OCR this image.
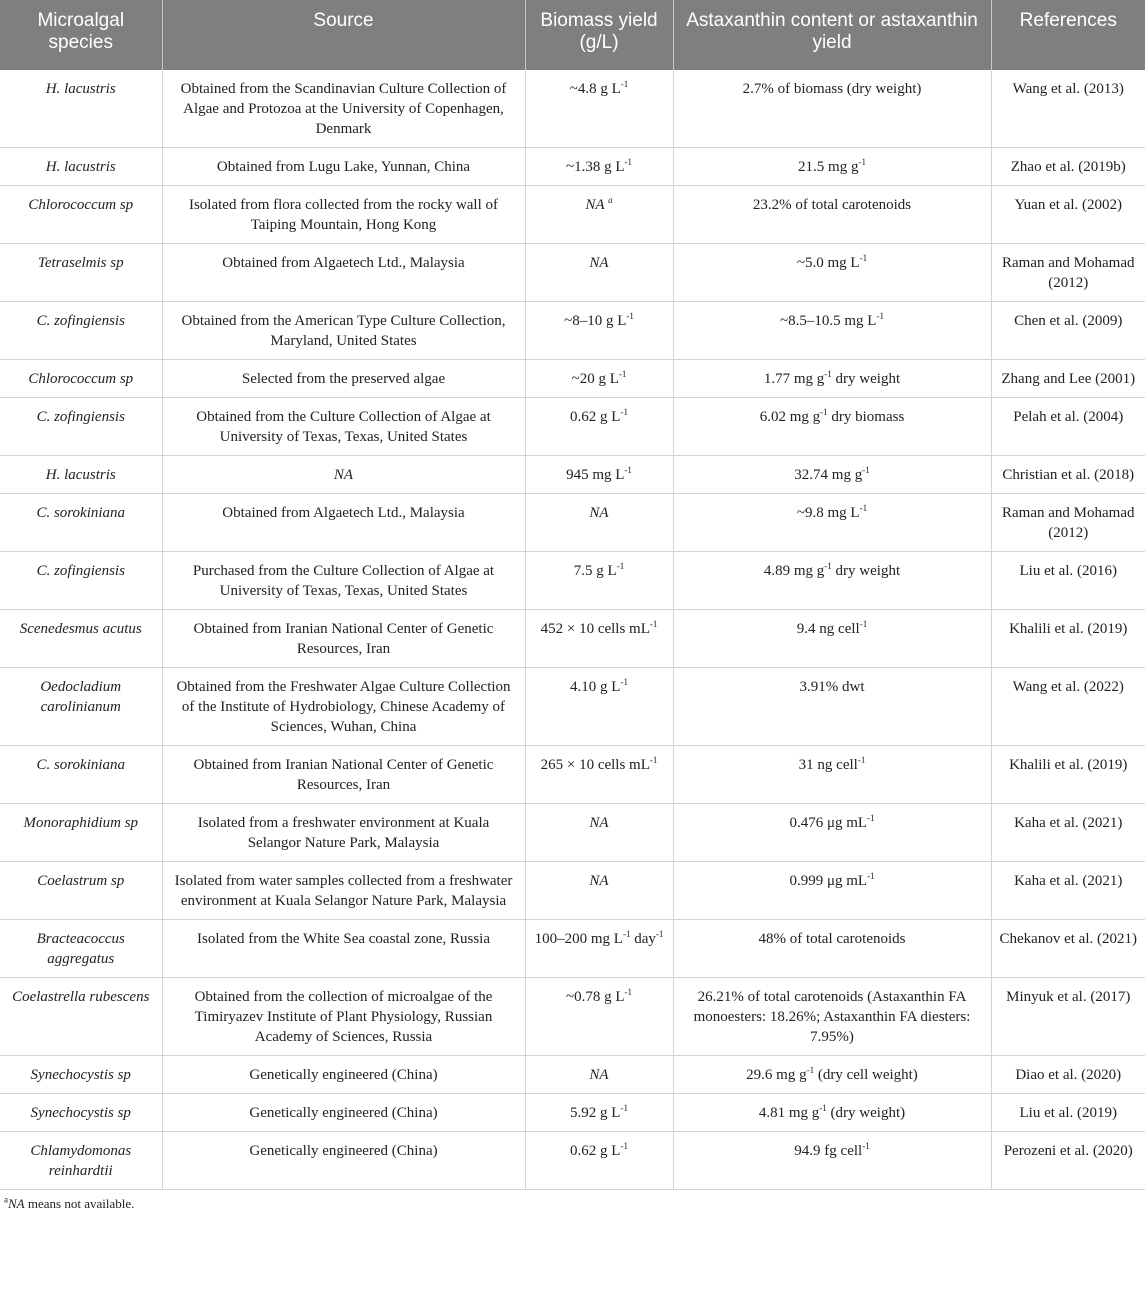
Microalgal species	Source	Biomass yield (g/L)	Astaxanthin content or astaxanthin yield	References
H. lacustris	Obtained from the Scandinavian Culture Collection of Algae and Protozoa at the University of Copenhagen, Denmark	~4.8 g $L^{-1}$	2.7% of biomass (dry weight)	Wang et al. (2013)
H. lacustris	Obtained from Lugu Lake, Yunnan, China	~1.38 g $L^{-1}$	21.5 mg $g^{-1}$	Zhao et al. (2019b)
Chlorococcum sp	Isolated from flora collected from the rocky wall of Taiping Mountain, Hong Kong	NA $^a$	23.2% of total carotenoids	Yuan et al. (2002)
Tetraselmis sp	Obtained from Algaetech Ltd., Malaysia	NA	~5.0 mg $L^{-1}$	Raman and Mohamad (2012)
C. zofingiensis	Obtained from the American Type Culture Collection, Maryland, United States	~8–10 g $L^{-1}$	~8.5–10.5 mg $L^{-1}$	Chen et al. (2009)
Chlorococcum sp	Selected from the preserved algae	~20 g $L^{-1}$	1.77 mg $g^{-1}$ dry weight	Zhang and Lee (2001)
C. zofingiensis	Obtained from the Culture Collection of Algae at University of Texas, Texas, United States	0.62 g $L^{-1}$	6.02 mg $g^{-1}$ dry biomass	Pelah et al. (2004)
H. lacustris	NA	945 mg $L^{-1}$	32.74 mg $g^{-1}$	Christian et al. (2018)
C. sorokiniana	Obtained from Algaetech Ltd., Malaysia	NA	~9.8 mg $L^{-1}$	Raman and Mohamad (2012)
C. zofingiensis	Purchased from the Culture Collection of Algae at University of Texas, Texas, United States	7.5 g $L^{-1}$	4.89 mg $g^{-1}$ dry weight	Liu et al. (2016)
Scenedesmus acutus	Obtained from Iranian National Center of Genetic Resources, Iran	452 × 10 cells $mL^{-1}$	9.4 ng cell$^{-1}$	Khalili et al. (2019)
Oedocladium carolinianum	Obtained from the Freshwater Algae Culture Collection of the Institute of Hydrobiology, Chinese Academy of Sciences, Wuhan, China	4.10 g $L^{-1}$	3.91% dwt	Wang et al. (2022)
C. sorokiniana	Obtained from Iranian National Center of Genetic Resources, Iran	265 × 10 cells $mL^{-1}$	31 ng cell$^{-1}$	Khalili et al. (2019)
Monoraphidium sp	Isolated from a freshwater environment at Kuala Selangor Nature Park, Malaysia	NA	0.476 μg $mL^{-1}$	Kaha et al. (2021)
Coelastrum sp	Isolated from water samples collected from a freshwater environment at Kuala Selangor Nature Park, Malaysia	NA	0.999 μg $mL^{-1}$	Kaha et al. (2021)
Bracteacoccus aggregatus	Isolated from the White Sea coastal zone, Russia	100–200 mg $L^{-1}$ day$^{-1}$	48% of total carotenoids	Chekanov et al. (2021)
Coelastrella rubescens	Obtained from the collection of microalgae of the Timiryazev Institute of Plant Physiology, Russian Academy of Sciences, Russia	~0.78 g $L^{-1}$	26.21% of total carotenoids (Astaxanthin FA monoesters: 18.26%; Astaxanthin FA diesters: 7.95%)	Minyuk et al. (2017)
Synechocystis sp	Genetically engineered (China)	NA	29.6 mg $g^{-1}$ (dry cell weight)	Diao et al. (2020)
Synechocystis sp	Genetically engineered (China)	5.92 g $L^{-1}$	4.81 mg $g^{-1}$ (dry weight)	Liu et al. (2019)
Chlamydomonas reinhardtii	Genetically engineered (China)	0.62 g $L^{-1}$	94.9 fg cell$^{-1}$	Perozeni et al. (2020)
$^a$NA means not available.
